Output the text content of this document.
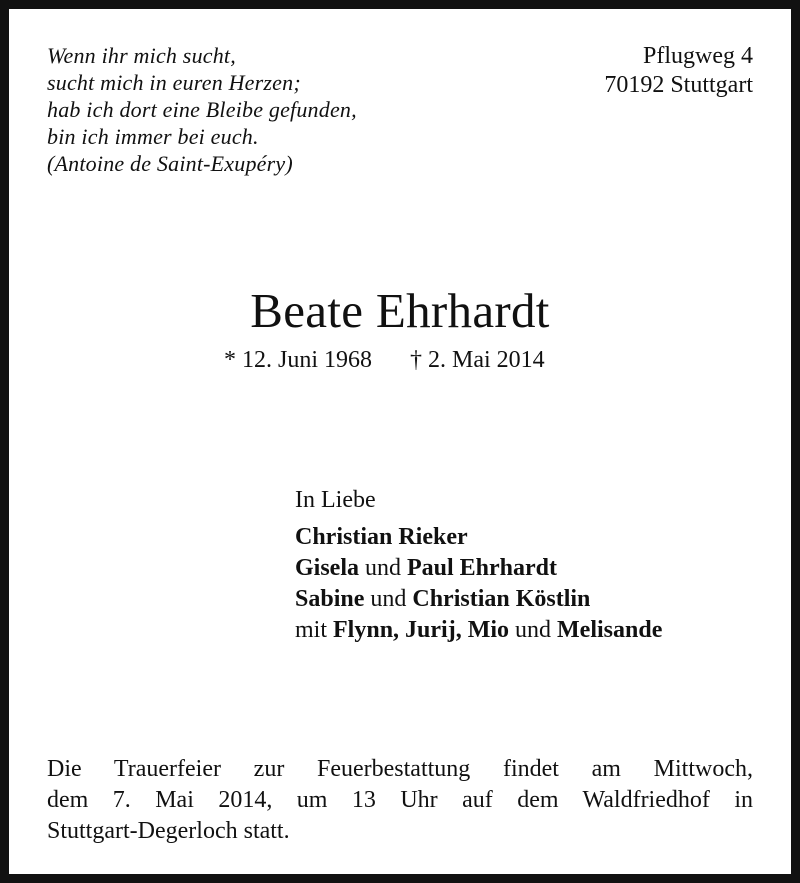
Wenn ihr mich sucht,
sucht mich in euren Herzen;
hab ich dort eine Bleibe gefunden,
bin ich immer bei euch.
(Antoine de Saint-Exupéry)
Pflugweg 4
70192 Stuttgart
Beate Ehrhardt
* 12. Juni 1968 † 2. Mai 2014
In Liebe
Christian Rieker
Gisela und Paul Ehrhardt
Sabine und Christian Köstlin
mit Flynn, Jurij, Mio und Melisande
Die Trauerfeier zur Feuerbestattung findet am Mittwoch,
dem 7. Mai 2014, um 13 Uhr auf dem Waldfriedhof in
Stuttgart-Degerloch statt.
